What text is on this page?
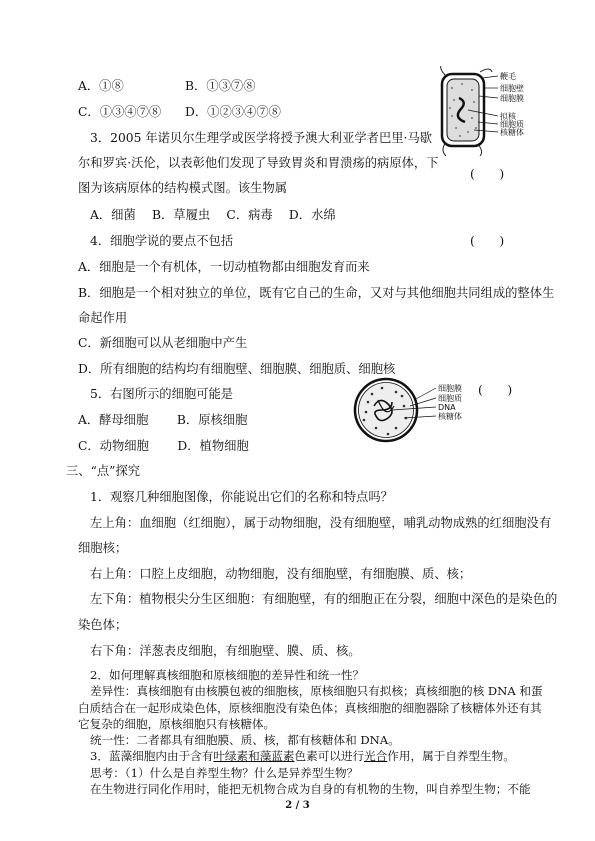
A．①⑧	B．①③⑦⑧
C．①③④⑦⑧ D．①②③④⑦⑧
3．2005 年诺贝尔生理学或医学将授予澳大利亚学者巴里·马歇
尔和罗宾·沃伦，以表彰他们发现了导致胃炎和胃溃疡的病原体，下
图为该病原体的结构模式图。该生物属
(　　)
A．细菌　 B．草履虫　 C．病毒　 D．水绵
鞭毛
细胞壁
细胞膜
拟核
细胞质
核糖体
4．细胞学说的要点不包括	(　　)
A．细胞是一个有机体，一切动植物都由细胞发育而来
B．细胞是一个相对独立的单位，既有它自己的生命，又对与其他细胞共同组成的整体生
命起作用
C．新细胞可以从老细胞中产生
D．所有细胞的结构均有细胞壁、细胞膜、细胞质、细胞核
5．右图所示的细胞可能是	(　　)
A．酵母细胞　　 B．原核细胞
C．动物细胞　　 D．植物细胞
细胞膜
细胞质
DNA
核糖体
三、“点”探究
1．观察几种细胞图像，你能说出它们的名称和特点吗？
左上角：血细胞（红细胞），属于动物细胞，没有细胞壁，哺乳动物成熟的红细胞没有
细胞核；
右上角：口腔上皮细胞，动物细胞，没有细胞壁，有细胞膜、质、核；
左下角：植物根尖分生区细胞：有细胞壁，有的细胞正在分裂，细胞中深色的是染色的
染色体；
右下角：洋葱表皮细胞，有细胞壁、膜、质、核。
2．如何理解真核细胞和原核细胞的差异性和统一性？
差异性：真核细胞有由核膜包被的细胞核，原核细胞只有拟核；真核细胞的核 DNA 和蛋
白质结合在一起形成染色体，原核细胞没有染色体；真核细胞的细胞器除了核糖体外还有其
它复杂的细胞，原核细胞只有核糖体。
统一性：二者都具有细胞膜、质、核，都有核糖体和 DNA。
3．蓝藻细胞内由于含有叶绿素和藻蓝素色素可以进行光合作用，属于自养型生物。
2 / 3
思考：（1）什么是自养型生物？什么是异养型生物？
在生物进行同化作用时，能把无机物合成为自身的有机物的生物，叫自养型生物；不能
